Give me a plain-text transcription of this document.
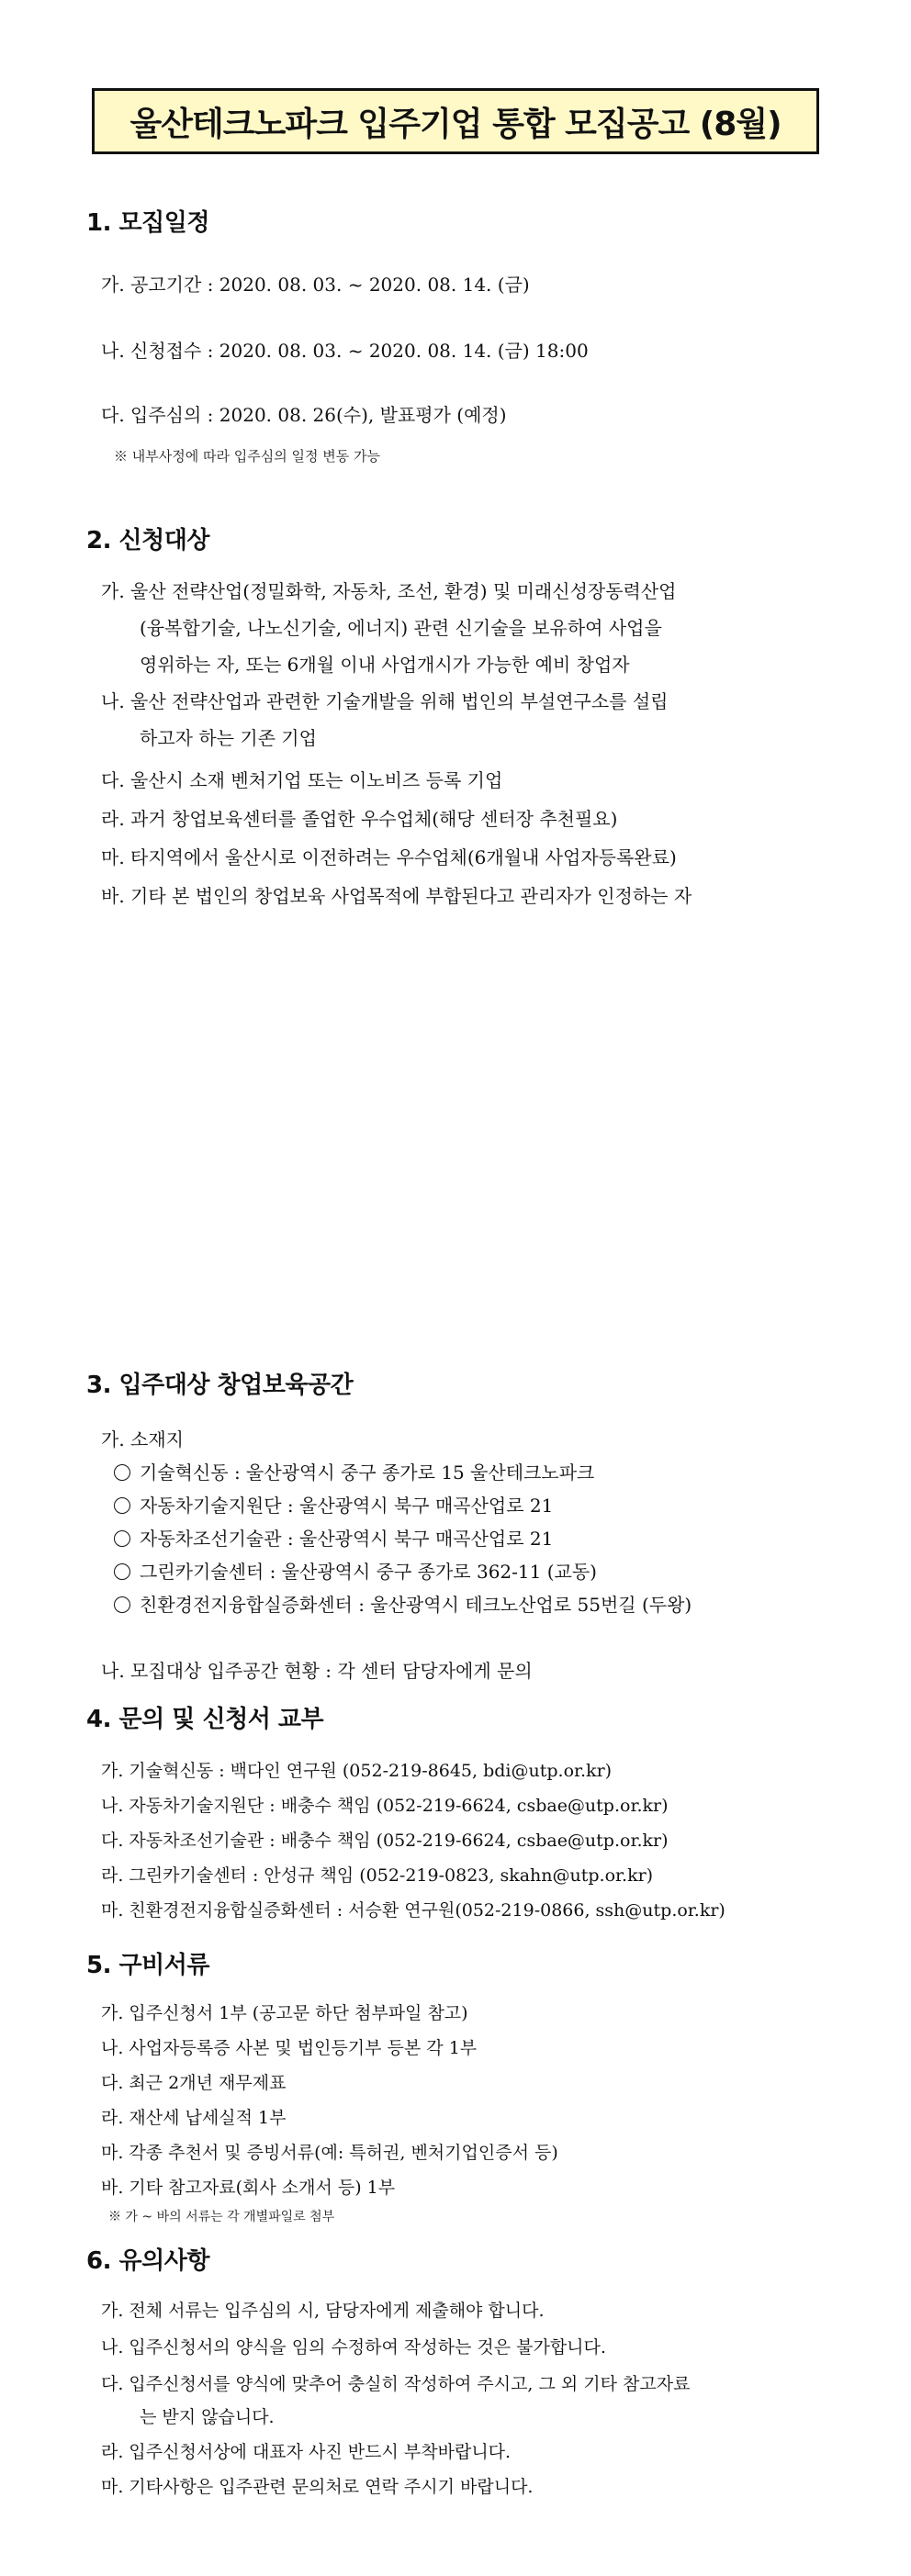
울산테크노파크 입주기업 통합 모집공고 (8월)
1. 모집일정
가. 공고기간 : 2020. 08. 03. ~ 2020. 08. 14. (금)
나. 신청접수 : 2020. 08. 03. ~ 2020. 08. 14. (금) 18:00
다. 입주심의 : 2020. 08. 26(수), 발표평가 (예정)
※ 내부사정에 따라 입주심의 일정 변동 가능
2. 신청대상
가. 울산 전략산업(정밀화학, 자동차, 조선, 환경) 및 미래신성장동력산업
(융복합기술, 나노신기술, 에너지) 관련 신기술을 보유하여 사업을
영위하는 자, 또는 6개월 이내 사업개시가 가능한 예비 창업자
나. 울산 전략산업과 관련한 기술개발을 위해 법인의 부설연구소를 설립
하고자 하는 기존 기업
다. 울산시 소재 벤처기업 또는 이노비즈 등록 기업
라. 과거 창업보육센터를 졸업한 우수업체(해당 센터장 추천필요)
마. 타지역에서 울산시로 이전하려는 우수업체(6개월내 사업자등록완료)
바. 기타 본 법인의 창업보육 사업목적에 부합된다고 관리자가 인정하는 자
3. 입주대상 창업보육공간
가. 소재지
기술혁신동 : 울산광역시 중구 종가로 15 울산테크노파크
자동차기술지원단 : 울산광역시 북구 매곡산업로 21
자동차조선기술관 : 울산광역시 북구 매곡산업로 21
그린카기술센터 : 울산광역시 중구 종가로 362-11 (교동)
친환경전지융합실증화센터 : 울산광역시 테크노산업로 55번길 (두왕)
나. 모집대상 입주공간 현황 : 각 센터 담당자에게 문의
4. 문의 및 신청서 교부
가. 기술혁신동 : 백다인 연구원 (052-219-8645, bdi@utp.or.kr)
나. 자동차기술지원단 : 배충수 책임 (052-219-6624, csbae@utp.or.kr)
다. 자동차조선기술관 : 배충수 책임 (052-219-6624, csbae@utp.or.kr)
라. 그린카기술센터 : 안성규 책임 (052-219-0823, skahn@utp.or.kr)
마. 친환경전지융합실증화센터 : 서승환 연구원(052-219-0866, ssh@utp.or.kr)
5. 구비서류
가. 입주신청서 1부 (공고문 하단 첨부파일 참고)
나. 사업자등록증 사본 및 법인등기부 등본 각 1부
다. 최근 2개년 재무제표
라. 재산세 납세실적 1부
마. 각종 추천서 및 증빙서류(예: 특허권, 벤처기업인증서 등)
바. 기타 참고자료(회사 소개서 등) 1부
※ 가 ~ 바의 서류는 각 개별파일로 첨부
6. 유의사항
가. 전체 서류는 입주심의 시, 담당자에게 제출해야 합니다.
나. 입주신청서의 양식을 임의 수정하여 작성하는 것은 불가합니다.
다. 입주신청서를 양식에 맞추어 충실히 작성하여 주시고, 그 외 기타 참고자료
는 받지 않습니다.
라. 입주신청서상에 대표자 사진 반드시 부착바랍니다.
마. 기타사항은 입주관련 문의처로 연락 주시기 바랍니다.
